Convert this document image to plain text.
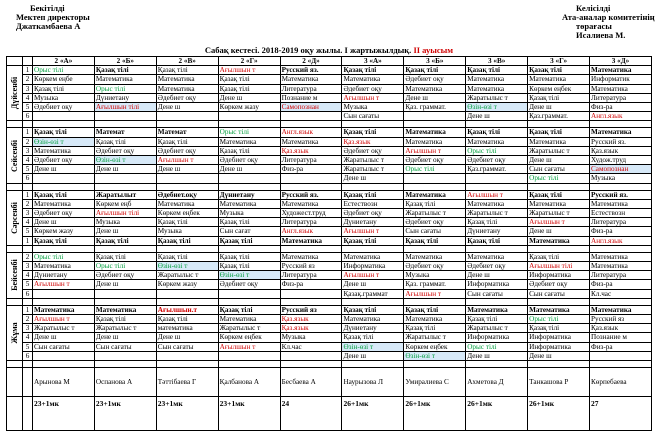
Бекітілді
Мектеп директоры
Джаткамбаева А
Келісілді
Ата-аналар комитетінің
төрағасы
Исалиева М.
Сабақ кестесі. 2018-2019 оқу жылы. I жартыжылдық. II ауысым
		2 «А»	2 «Б»	2 «В»	2 «Г»	2 «Д»	3 «А»	3 «Б»	3 «В»	3 «Г»	3 «Д»

Дүйсенбі	1	Орыс тілі	Қазақ тілі	Қазақ тілі	Ағылшын т	Русский яз.	Қазақ тілі	Қазақ тілі	Қазақ тілі	Қазақ тілі	Математика
	2	Көркем еңбе	Математика	Математика	Қазақ тілі	Математика	Математика	Әдебиет оқу	Математика	Математика	Информатик
	3	Қазақ тілі	Орыс тілі	Математика	Қазақ тілі	Литература	Әдебиет оқу	Математика	Математика	Көркем еңбек	Математика
	4	Музыка	Дүниетану	Әдебиет оқу	Дене ш	Познание м	Ағылшын т	Дене ш	Жаратылыс т	Қазақ тілі	Литература
	5	Әдебиет оқу	Ағылшын тілі	Дене ш	Көркем жазу	Самопознан	Музыка	Қаз. граммат.	Өзін-өзі т	Дене ш	Физ-ра
	6						Сын сағаты		Дене ш	Қаз.граммат.	Англ.язык

Сейсенбі	1	Қазақ тілі	Математ	Математ	Орыс тілі	Англ.язык	Қазақ тілі	Математика	Қазақ тілі	Қазақ тілі	Математика
	2	Өзін-өзі т	Қазақ тілі	Қазақ тілі	Математика	Математика	Қаз.язык	Математика	Математика	Математика	Русский яз.
	3	Математика	Әдебиет оқу	Әдебиет оқу	Қазақ тілі	Қаз.язык	Әдебиет оқу	Ағылшын т	Орыс тілі	Жаратылыс т	Қаз.язык
	4	Әдебиет оқу	Өзін-өзі т	Ағылшын т	Әдебиет оқу	Литература	Жаратылыс т	Әдебиет оқу	Әдебиет оқу	Дене ш	Худож.труд
	5	Дене ш	Дене ш	Дене ш	Дене ш	Физ-ра	Жаратылыс т	Орыс тілі	Қаз.граммат.	Сын сағаты	Самопознан
	6						Дене ш			Орыс тілі	Музыка

Сәрсенбі	1	Қазақ тілі	Жаратылыт	Әдебиет.оқу	Дүниетану	Русский яз.	Қазақ тілі	Математика	Ағылшын т	Қазақ тілі	Русский яз.
	2	Математика	Көркем еңб	Математика	Математика	Математика	Естествозн	Қазақ тілі	Математика	Математика	Математика
	3	Әдебиет оқу	Ағылшын тілі	Көркем еңбек	Музыка	Художест.труд	Әдебиет оқу	Жаратылыс т	Жаратылыс т	Жаратылыс т	Естествозн
	4	Дене ш	Музыка	Қазақ тілі	Қазақ тілі	Литература	Дүниетану	Әдебиет оқу	Қазақ тілі	Ағылшын т	Литература
	5	Көркем жазу	Дене ш	Музыка	Сын сағат	Англ.язык	Ағылшын т	Сын сағаты	Дүниетану	Дене ш	Физ-ра
	1	Қазақ тілі	Қазақ тілі	Қазақ тілі	Қазақ тілі	Математика	Қазақ тілі	Қазақ тілі	Қазақ тілі	Математика	Англ.язык

Бейсенбі	2	Орыс тілі	Қазақ тілі	Қазақ тілі	Қазақ тілі	Математика	Математика	Математика	Математика	Қазақ тілі	Математика
	3	Математика	Орыс тілі	Өзін-өзі т	Қазақ тілі	Русский яз	Информатика	Әдебиет оқу	Әдебиет оқу	Ағылшын тілі	Математика
	4	Дүниетану	Әдебиет оқу	Жаратылыс т	Өзін-өзі т	Литература	Ағылшын т	Музыка	Дене ш	Информатика	Литература
	5	Ағылшын т	Дене ш	Көркем жазу	Әдебиет оқу	Физ-ра	Дене ш	Қаз. граммат.	Информатика	Әдебиет оқу	Физ-ра
	6						Қазақ.граммат	Ағылшын т	Сын сағаты	Сын сағаты	Кл.час

Жұма	1	Математика	Математика	Ағылшын.т	Қазақ тілі	Русский яз	Қазақ тілі	Қазақ тілі	Математика	Математика	Математика
	2	Ағылшын т	Қазақ тілі	Қазақ тілі	Математика	Қаз.язык	Математика	Математика	Қазақ тілі	Орыс тілі	Русский яз
	3	Жаратылыс т	Жаратылыс т	математика	Жаратылыс т	Қаз.язык	Дүниетану	Қазақ тілі	Жаратылыс т	Қазақ тілі	Қаз.язык
	4	Дене ш	Дене ш	Дене ш	Көркем еңбек	Музыка	Қазақ тілі	Жаратылыс т	Информатика	Информатика	Познание м
	5	Сын сағаты	Сын сағаты	Сын сағаты	Ағылшын т	Кл.час	Өзін-өзі т	Көркем еңбек	Орыс тілі	Информатика	Физ-ра
	6						Дене ш	Өзін-өзі т	Дене ш	Дене ш	

		Арынова М	Оспанова А	Тәттібаева Г	Қалбанова А	Бесбаева А	Наурызова Л	Умиралиева С	Ахметова Д	Танкашова Р	Көрпебаева
		23+1мк	23+1мк	23+1мк	23+1мк	24	26+1мк	26+1мк	26+1мк	26+1мк	27
